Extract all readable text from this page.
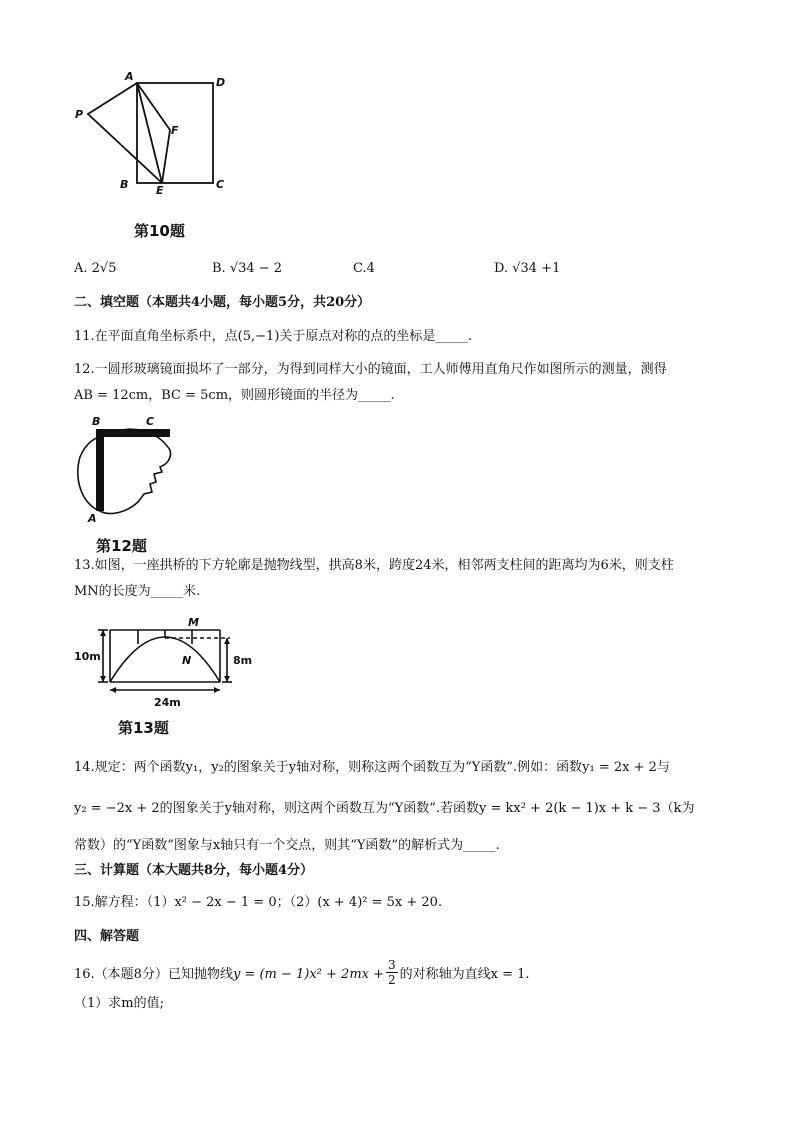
A	D
P
F
B	E	C
第10题
A. 2√5	B. √34 − 2	C.4	D. √34 +1
二、填空题（本题共4小题，每小题5分，共20分）
11.在平面直角坐标系中，点(5,−1)关于原点对称的点的坐标是_____.
12.一圆形玻璃镜面损坏了一部分，为得到同样大小的镜面，工人师傅用直角尺作如图所示的测量，测得
AB = 12cm，BC = 5cm，则圆形镜面的半径为_____.
B	C
A
第12题
13.如图，一座拱桥的下方轮廓是抛物线型，拱高8米，跨度24米，相邻两支柱间的距离均为6米，则支柱
MN的长度为_____米.
M
N
10m	8m
24m
第13题
14.规定：两个函数y₁，y₂的图象关于y轴对称，则称这两个函数互为“Y函数”.例如：函数y₁ = 2x + 2与
y₂ = −2x + 2的图象关于y轴对称，则这两个函数互为“Y函数”.若函数y = kx² + 2(k − 1)x + k − 3（k为
常数）的“Y函数”图象与x轴只有一个交点，则其“Y函数”的解析式为_____.
三、计算题（本大题共8分，每小题4分）
15.解方程：（1）x² − 2x − 1 = 0；（2）(x + 4)² = 5x + 20.
四、解答题
16.（本题8分）已知抛物线$y = (m - 1)x^2 + 2mx + \frac{3}{2}$ 的对称轴为直线x = 1.
（1）求m的值;
